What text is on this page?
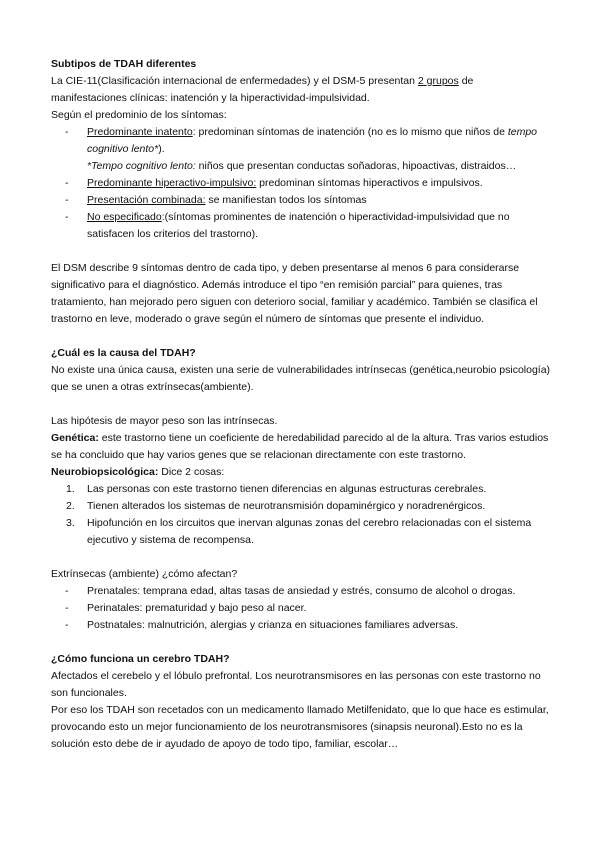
Subtipos de TDAH diferentes

La CIE-11(Clasificación internacional de enfermedades) y el DSM-5 presentan 2 grupos de manifestaciones clínicas: inatención y la hiperactividad-impulsividad.

Según el predominio de los síntomas:

- Predominante inatento: predominan síntomas de inatención (no es lo mismo que niños de tempo cognitivo lento*).

*Tempo cognitivo lento: niños que presentan conductas soñadoras, hipoactivas, distraidos…

- Predominante hiperactivo-impulsivo: predominan síntomas hiperactivos e impulsivos.
- Presentación combinada: se manifiestan todos los síntomas
- No especificado:(síntomas prominentes de inatención o hiperactividad-impulsividad que no satisfacen los criterios del trastorno).

El DSM describe 9 síntomas dentro de cada tipo, y deben presentarse al menos 6 para considerarse significativo para el diagnóstico. Además introduce el tipo “en remisión parcial” para quienes, tras tratamiento, han mejorado pero siguen con deterioro social, familiar y académico. También se clasifica el trastorno en leve, moderado o grave según el número de síntomas que presente el individuo.

¿Cuál es la causa del TDAH?

No existe una única causa, existen una serie de vulnerabilidades intrínsecas (genética,neurobio psicología) que se unen a otras extrínsecas(ambiente).

Las hipótesis de mayor peso son las intrínsecas.

Genética: este trastorno tiene un coeficiente de heredabilidad parecido al de la altura. Tras varios estudios se ha concluido que hay varios genes que se relacionan directamente con este trastorno.

Neurobiopsicológica: Dice 2 cosas:

1. Las personas con este trastorno tienen diferencias en algunas estructuras cerebrales.
2. Tienen alterados los sistemas de neurotransmisión dopaminérgico y noradrenérgicos.
3. Hipofunción en los circuitos que inervan algunas zonas del cerebro relacionadas con el sistema ejecutivo y sistema de recompensa.

Extrínsecas (ambiente) ¿cómo afectan?

- Prenatales: temprana edad, altas tasas de ansiedad y estrés, consumo de alcohol o drogas.
- Perinatales: prematuridad y bajo peso al nacer.
- Postnatales: malnutrición, alergias y crianza en situaciones familiares adversas.

¿Cómo funciona un cerebro TDAH?

Afectados el cerebelo y el lóbulo prefrontal. Los neurotransmisores en las personas con este trastorno no son funcionales.

Por eso los TDAH son recetados con un medicamento llamado Metilfenidato, que lo que hace es estimular, provocando esto un mejor funcionamiento de los neurotransmisores (sinapsis neuronal).Esto no es la solución esto debe de ir ayudado de apoyo de todo tipo, familiar, escolar…
